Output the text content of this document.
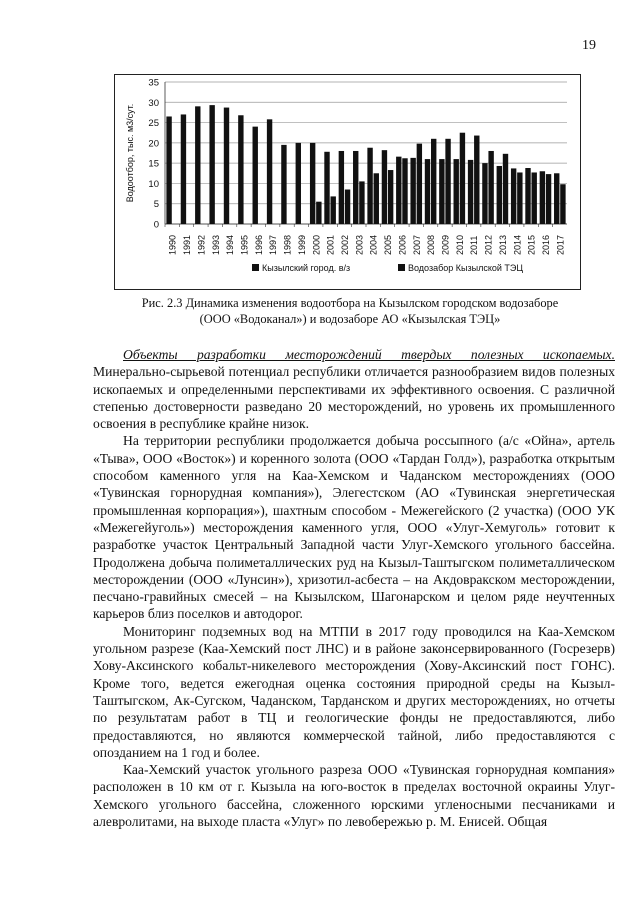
19
0
5
10
15
20
25
30
35
Водоотбор, тыс. м3/сут.
1990 1991 1992 1993 1994 1995 1996 1997 1998 1999 2000 2001 2002 2003 2004 2005 2006 2007 2008 2009 2010 2011 2012 2013 2014 2015 2016 2017
Кызылский город. в/з	Водозабор Кызылской ТЭЦ
Рис. 2.3 Динамика изменения водоотбора на Кызылском городском водозаборе
(ООО «Водоканал») и водозаборе АО «Кызылская ТЭЦ»

Объекты разработки месторождений твердых полезных ископаемых. Минерально-сырьевой потенциал республики отличается разнообразием видов полезных ископаемых и определенными перспективами их эффективного освоения. С различной степенью достоверности разведано 20 месторождений, но уровень их промышленного освоения в республике крайне низок.

На территории республики продолжается добыча россыпного (а/с «Ойна», артель «Тыва», ООО «Восток») и коренного золота (ООО «Тардан Голд»), разработка открытым способом каменного угля на Каа-Хемском и Чаданском месторождениях (ООО «Тувинская горнорудная компания»), Элегестском (АО «Тувинская энергетическая промышленная корпорация»), шахтным способом - Межегейского (2 участка) (ООО УК «Межегейуголь») месторождения каменного угля, ООО «Улуг-Хемуголь» готовит к разработке участок Центральный Западной части Улуг-Хемского угольного бассейна. Продолжена добыча полиметаллических руд на Кызыл-Таштыгском полиметаллическом месторождении (ООО «Лунсин»), хризотил-асбеста – на Акдовракском месторождении, песчано-гравийных смесей – на Кызылском, Шагонарском и целом ряде неучтенных карьеров близ поселков и автодорог.

Мониторинг подземных вод на МТПИ в 2017 году проводился на Каа-Хемском угольном разрезе (Каа-Хемский пост ЛНС) и в районе законсервированного (Госрезерв) Хову-Аксинского кобальт-никелевого месторождения (Хову-Аксинский пост ГОНС). Кроме того, ведется ежегодная оценка состояния природной среды на Кызыл-Таштыгском, Ак-Сугском, Чаданском, Тарданском и других месторождениях, но отчеты по результатам работ в ТЦ и геологические фонды не предоставляются, либо предоставляются, но являются коммерческой тайной, либо предоставляются с опозданием на 1 год и более.

Каа-Хемский участок угольного разреза ООО «Тувинская горнорудная компания» расположен в 10 км от г. Кызыла на юго-восток в пределах восточной окраины Улуг-Хемского угольного бассейна, сложенного юрскими угленосными песчаниками и алевролитами, на выходе пласта «Улуг» по левобережью р. М. Енисей. Общая
